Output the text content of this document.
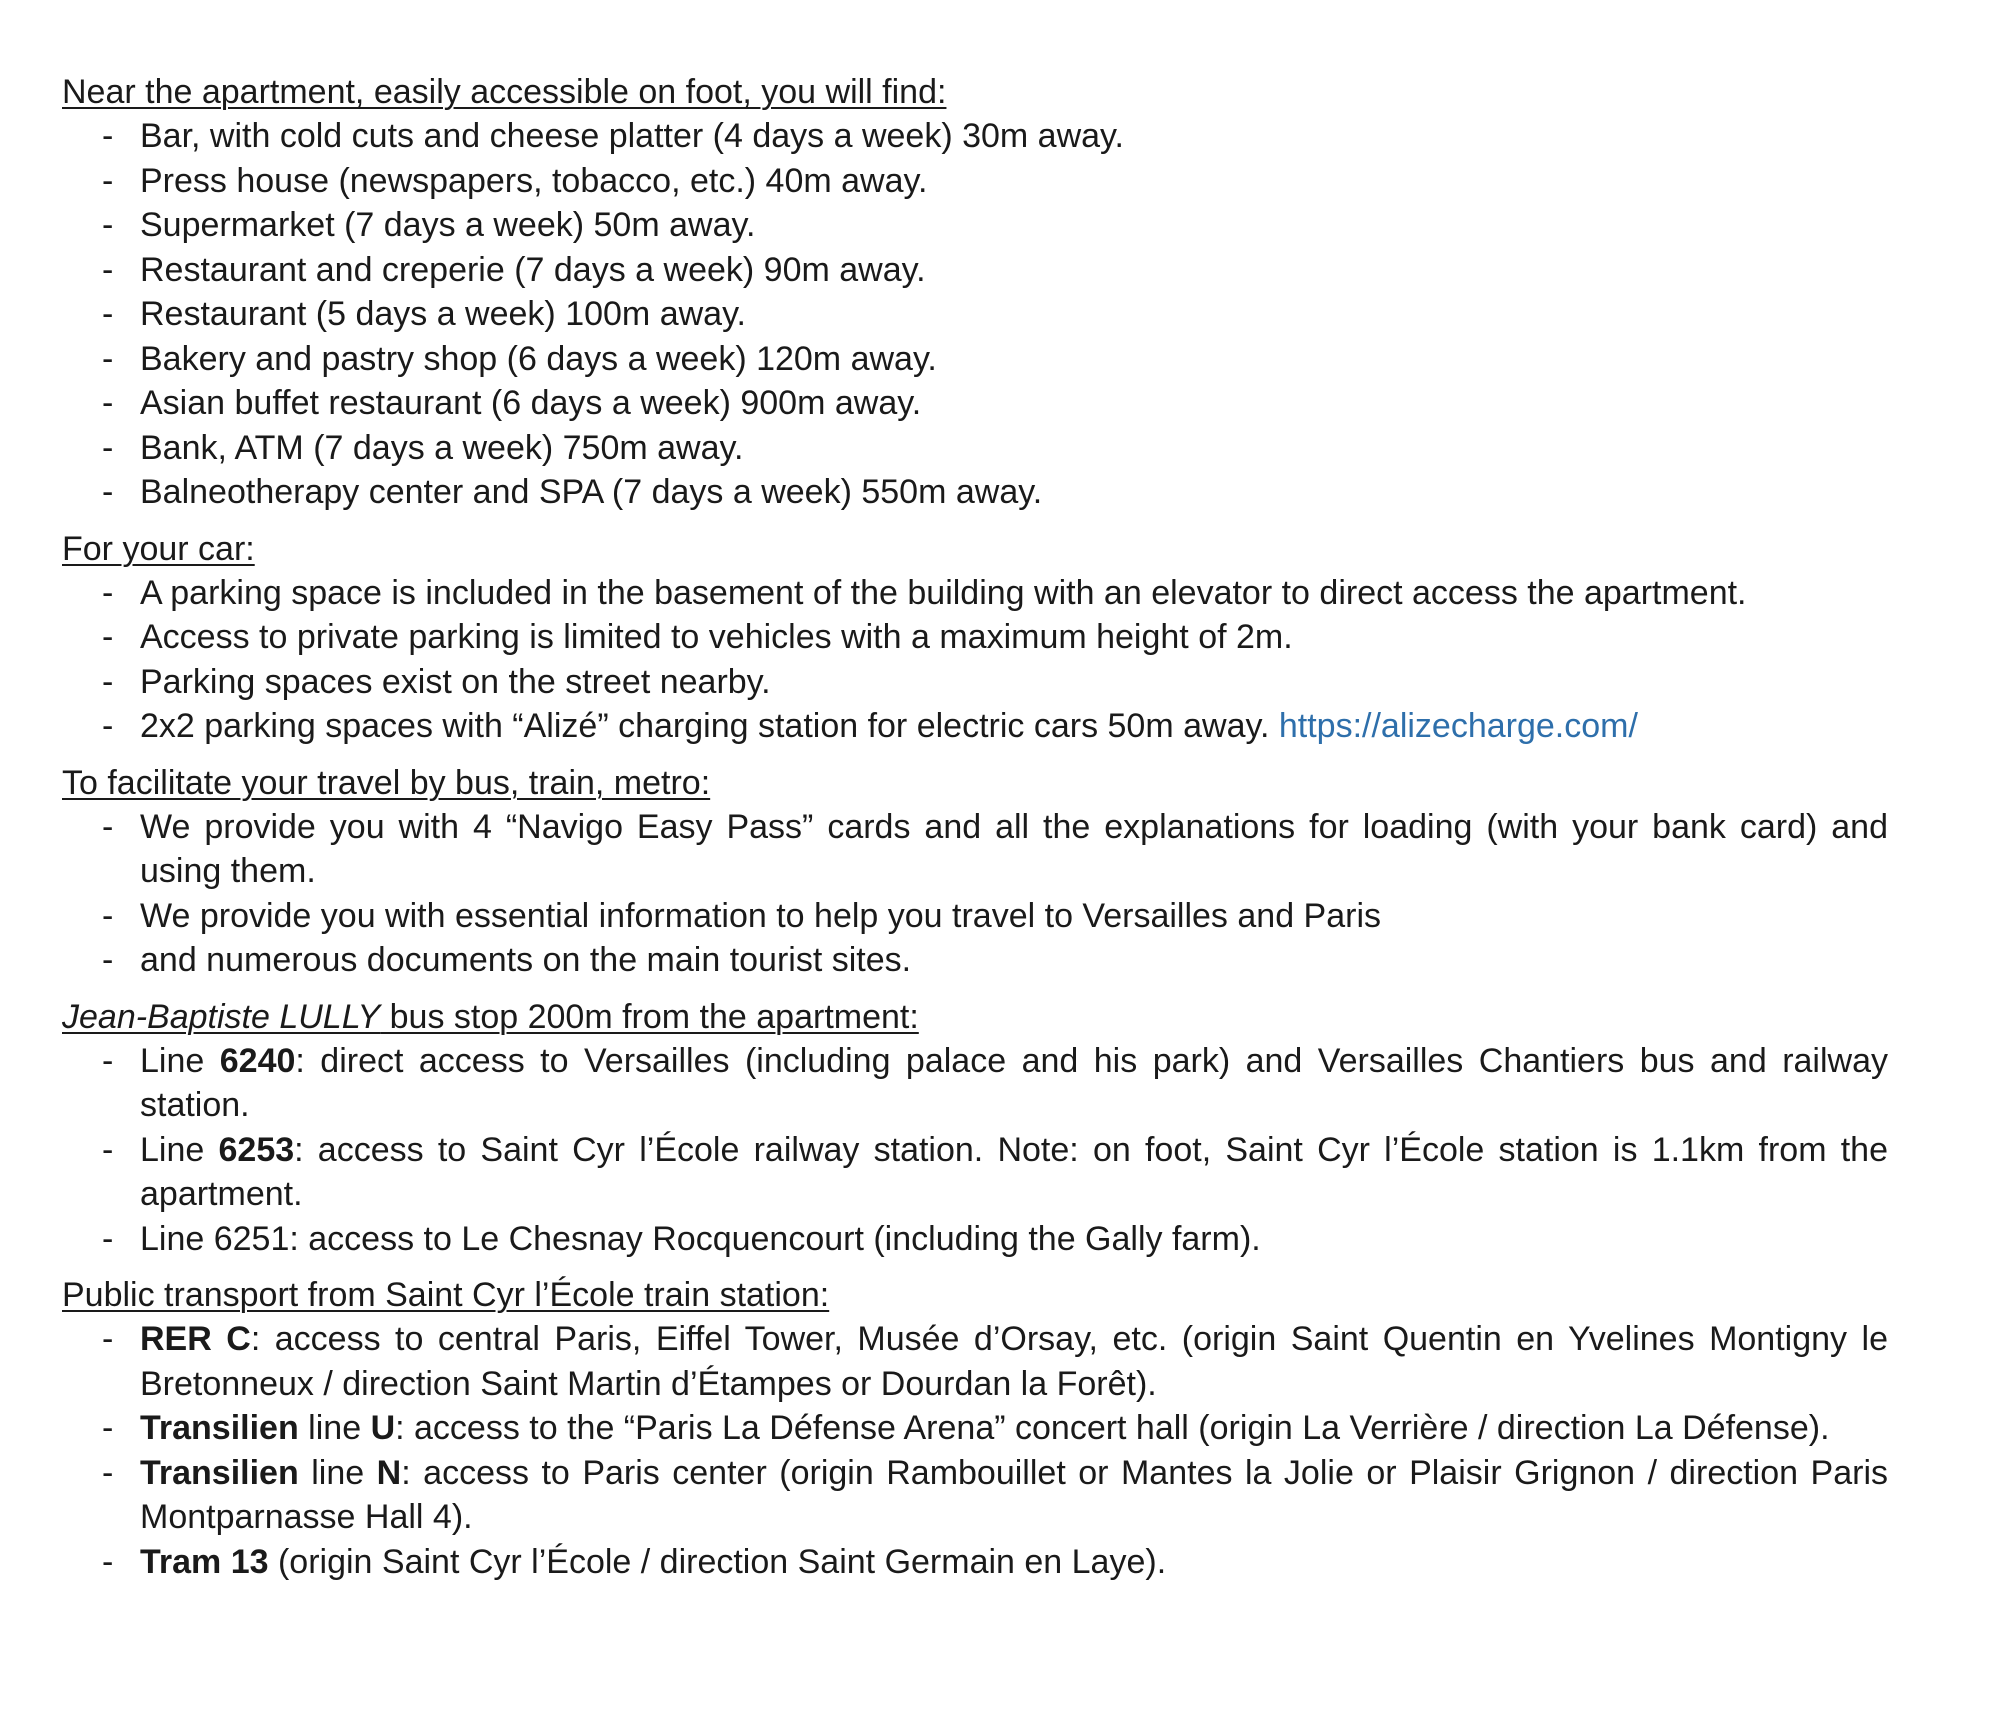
Near the apartment, easily accessible on foot, you will find:
- Bar, with cold cuts and cheese platter (4 days a week) 30m away.
- Press house (newspapers, tobacco, etc.) 40m away.
- Supermarket (7 days a week) 50m away.
- Restaurant and creperie (7 days a week) 90m away.
- Restaurant (5 days a week) 100m away.
- Bakery and pastry shop (6 days a week) 120m away.
- Asian buffet restaurant (6 days a week) 900m away.
- Bank, ATM (7 days a week) 750m away.
- Balneotherapy center and SPA (7 days a week) 550m away.
For your car:
- A parking space is included in the basement of the building with an elevator to direct access the apartment.
- Access to private parking is limited to vehicles with a maximum height of 2m.
- Parking spaces exist on the street nearby.
- 2x2 parking spaces with “Alizé” charging station for electric cars 50m away. https://alizecharge.com/
To facilitate your travel by bus, train, metro:
- We provide you with 4 “Navigo Easy Pass” cards and all the explanations for loading (with your bank card) and using them.
- We provide you with essential information to help you travel to Versailles and Paris
- and numerous documents on the main tourist sites.
Jean-Baptiste LULLY bus stop 200m from the apartment:
- Line 6240: direct access to Versailles (including palace and his park) and Versailles Chantiers bus and railway station.
- Line 6253: access to Saint Cyr l’École railway station. Note: on foot, Saint Cyr l’École station is 1.1km from the apartment.
- Line 6251: access to Le Chesnay Rocquencourt (including the Gally farm).
Public transport from Saint Cyr l’École train station:
- RER C: access to central Paris, Eiffel Tower, Musée d’Orsay, etc. (origin Saint Quentin en Yvelines Montigny le Bretonneux / direction Saint Martin d’Étampes or Dourdan la Forêt).
- Transilien line U: access to the “Paris La Défense Arena” concert hall (origin La Verrière / direction La Défense).
- Transilien line N: access to Paris center (origin Rambouillet or Mantes la Jolie or Plaisir Grignon / direction Paris Montparnasse Hall 4).
- Tram 13 (origin Saint Cyr l’École / direction Saint Germain en Laye).
